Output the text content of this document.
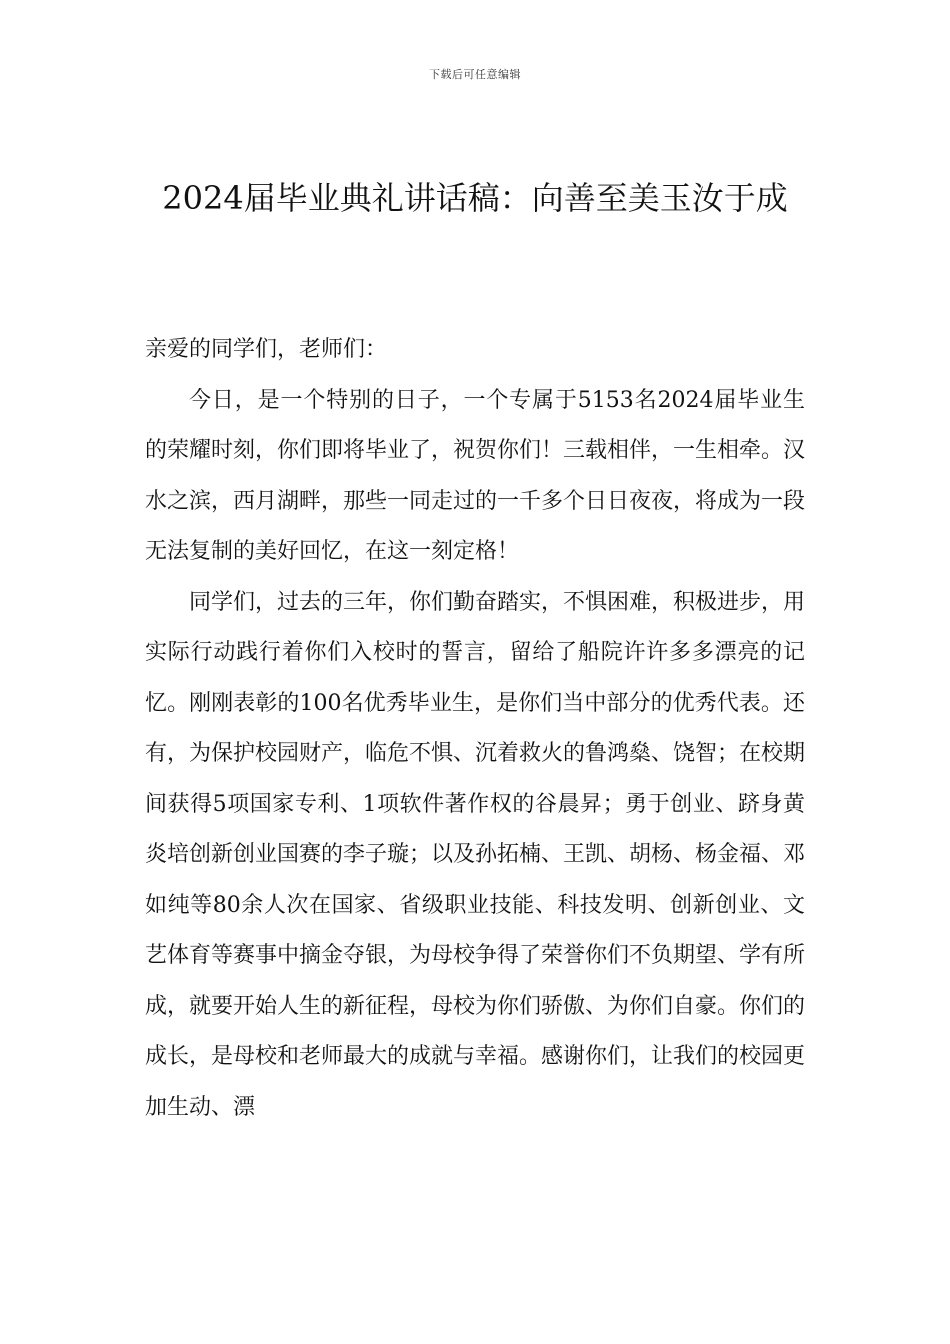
下载后可任意编辑
2024届毕业典礼讲话稿：向善至美玉汝于成

亲爱的同学们，老师们：

今日，是一个特别的日子，一个专属于5153名2024届毕业生的荣耀时刻，你们即将毕业了，祝贺你们！三载相伴，一生相牵。汉水之滨，西月湖畔，那些一同走过的一千多个日日夜夜，将成为一段无法复制的美好回忆，在这一刻定格！

同学们，过去的三年，你们勤奋踏实，不惧困难，积极进步，用实际行动践行着你们入校时的誓言，留给了船院许许多多漂亮的记忆。刚刚表彰的100名优秀毕业生，是你们当中部分的优秀代表。还有，为保护校园财产，临危不惧、沉着救火的鲁鸿燊、饶智；在校期间获得5项国家专利、1项软件著作权的谷晨昇；勇于创业、跻身黄炎培创新创业国赛的李子璇；以及孙拓楠、王凯、胡杨、杨金福、邓如纯等80余人次在国家、省级职业技能、科技发明、创新创业、文艺体育等赛事中摘金夺银，为母校争得了荣誉你们不负期望、学有所成，就要开始人生的新征程，母校为你们骄傲、为你们自豪。你们的成长，是母校和老师最大的成就与幸福。感谢你们，让我们的校园更加生动、漂
